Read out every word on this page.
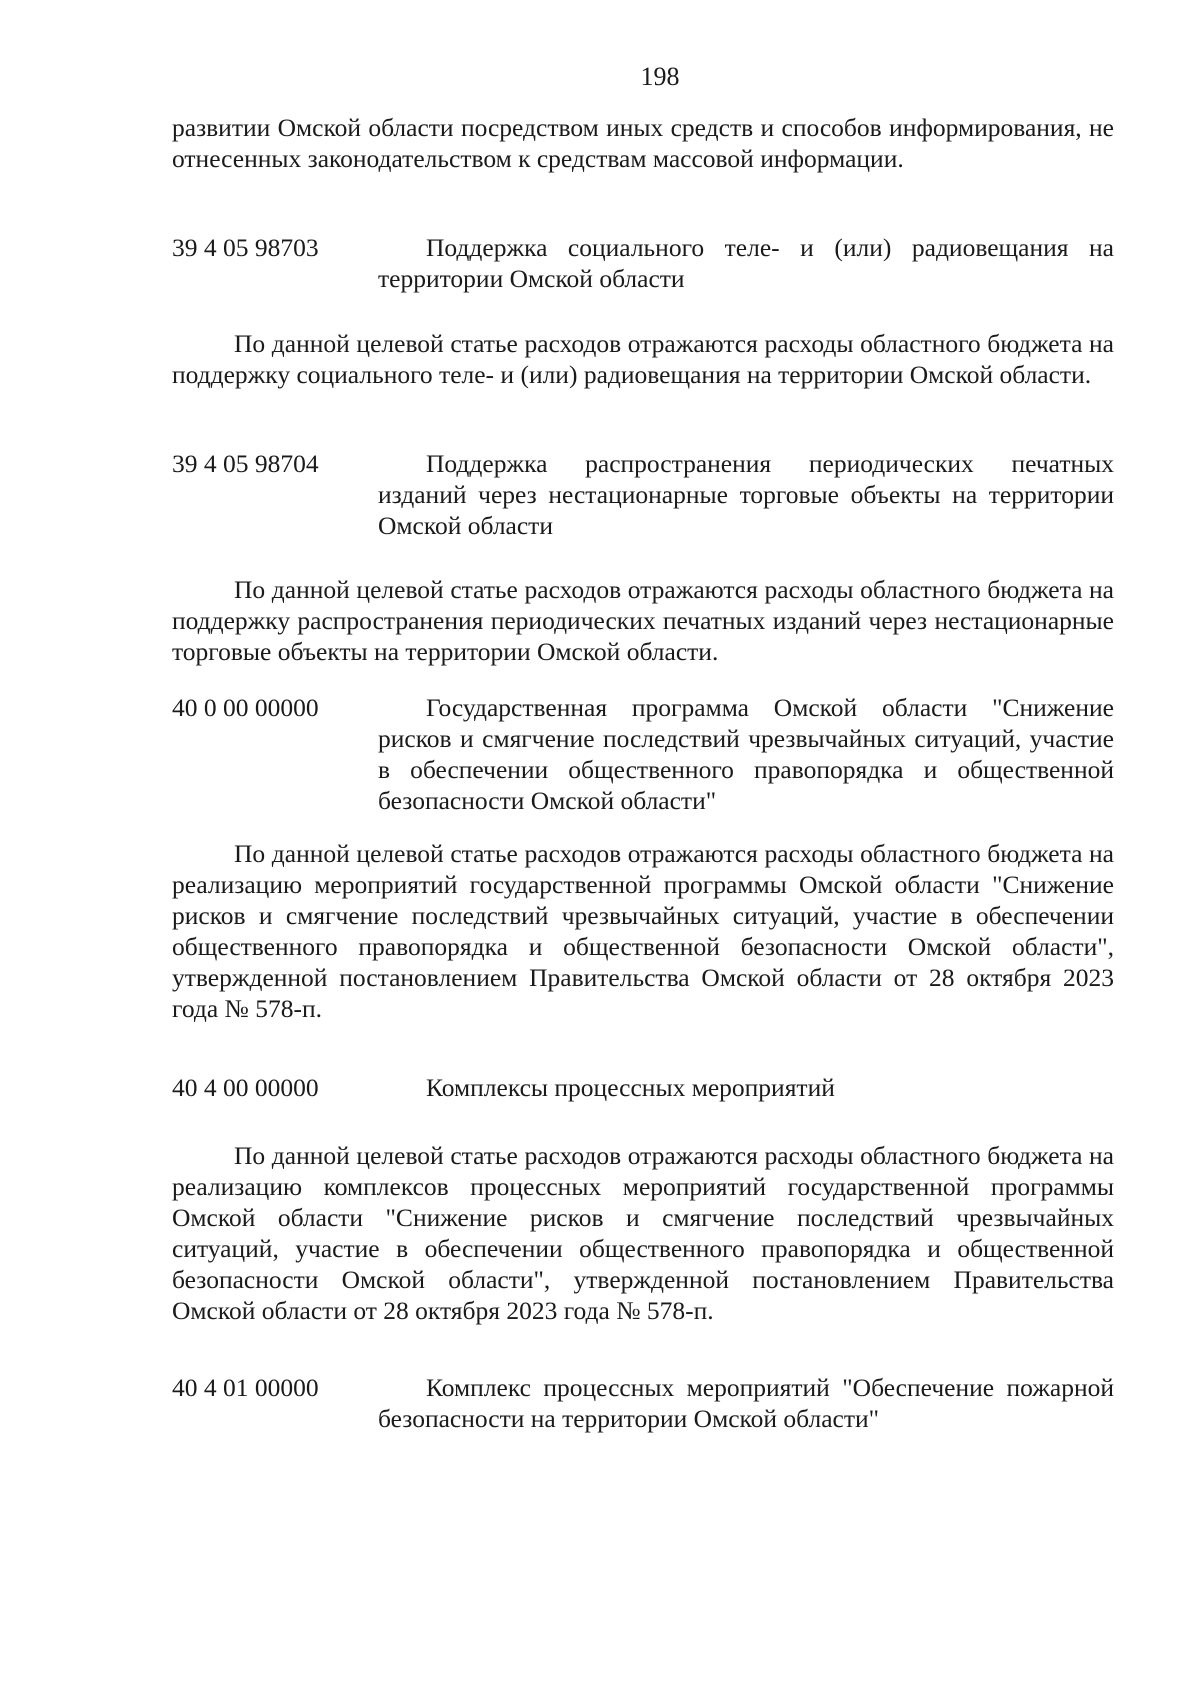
198
развитии Омской области посредством иных средств и способов информирования, не отнесенных законодательством к средствам массовой информации.
39 4 05 98703	Поддержка социального теле- и (или) радиовещания на территории Омской области
По данной целевой статье расходов отражаются расходы областного бюджета на поддержку социального теле- и (или) радиовещания на территории Омской области.
39 4 05 98704	Поддержка распространения периодических печатных изданий через нестационарные торговые объекты на территории Омской области
По данной целевой статье расходов отражаются расходы областного бюджета на поддержку распространения периодических печатных изданий через нестационарные торговые объекты на территории Омской области.
40 0 00 00000	Государственная программа Омской области "Снижение рисков и смягчение последствий чрезвычайных ситуаций, участие в обеспечении общественного правопорядка и общественной безопасности Омской области"
По данной целевой статье расходов отражаются расходы областного бюджета на реализацию мероприятий государственной программы Омской области "Снижение рисков и смягчение последствий чрезвычайных ситуаций, участие в обеспечении общественного правопорядка и общественной безопасности Омской области", утвержденной постановлением Правительства Омской области от 28 октября 2023 года № 578-п.
40 4 00 00000	Комплексы процессных мероприятий
По данной целевой статье расходов отражаются расходы областного бюджета на реализацию комплексов процессных мероприятий государственной программы Омской области "Снижение рисков и смягчение последствий чрезвычайных ситуаций, участие в обеспечении общественного правопорядка и общественной безопасности Омской области", утвержденной постановлением Правительства Омской области от 28 октября 2023 года № 578-п.
40 4 01 00000	Комплекс процессных мероприятий "Обеспечение пожарной безопасности на территории Омской области"
